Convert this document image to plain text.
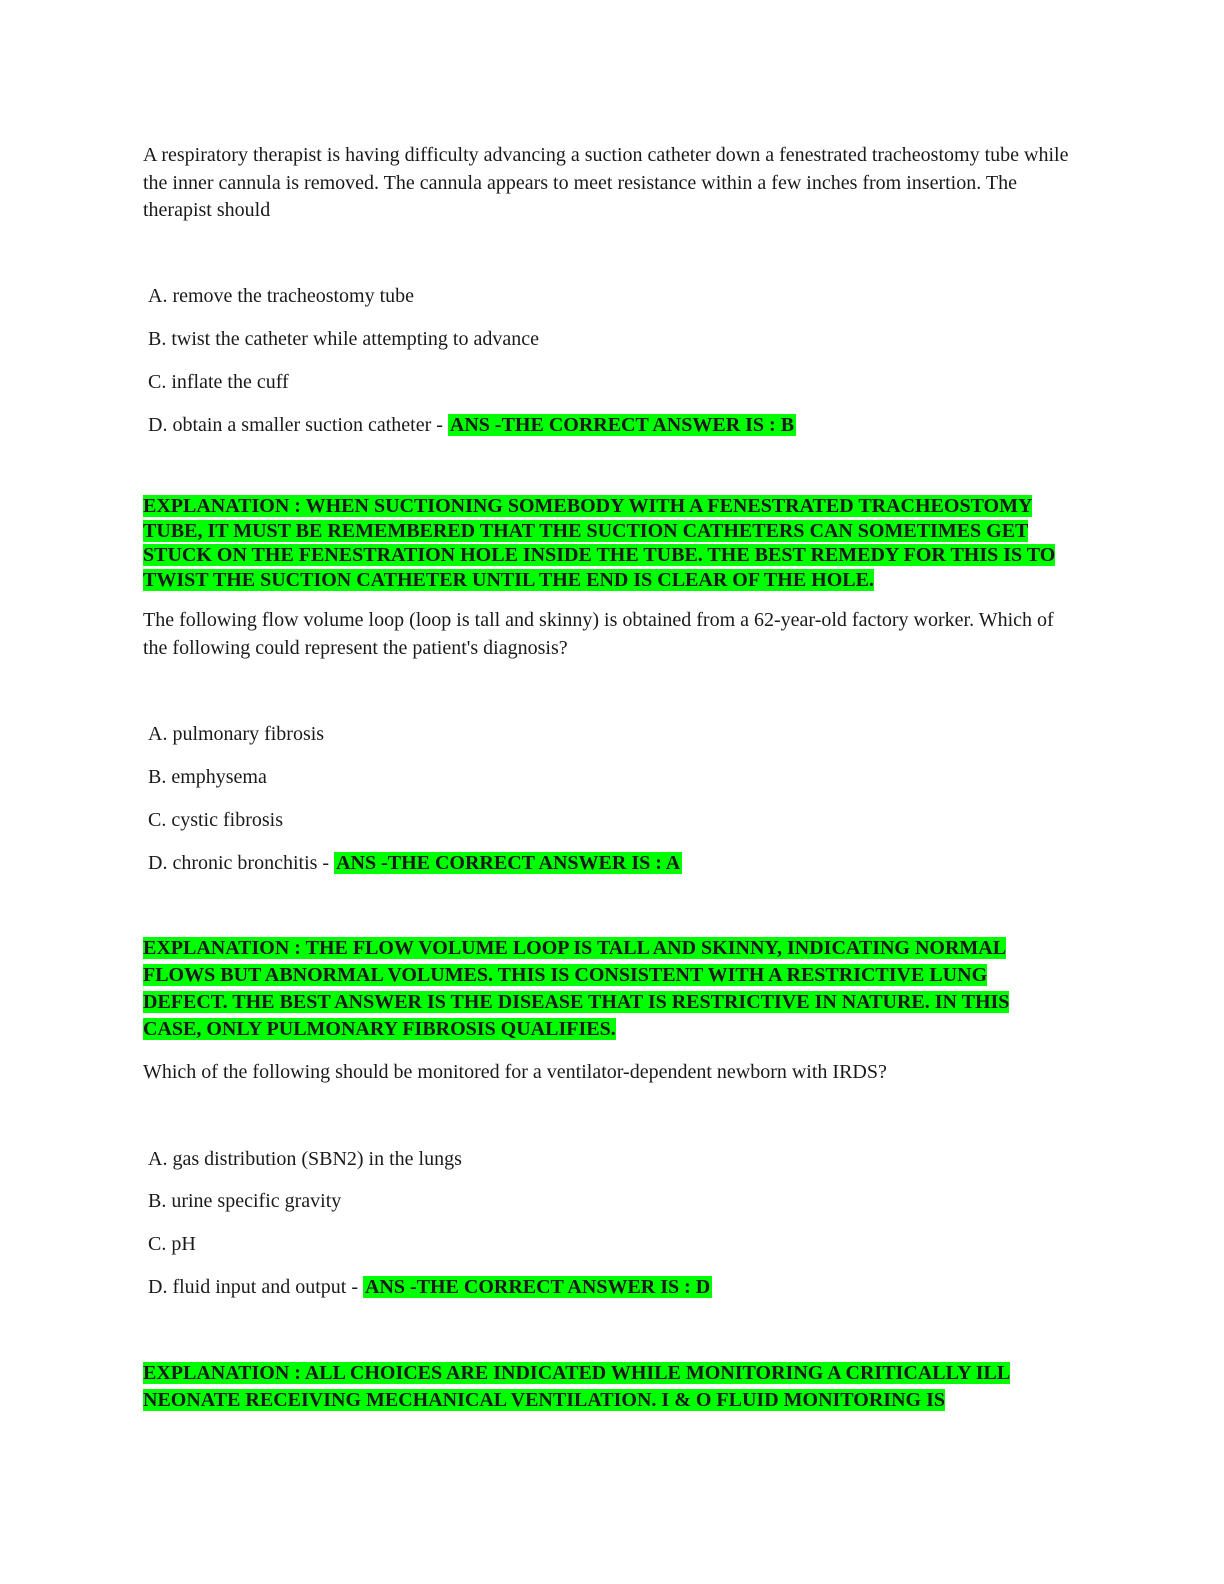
A respiratory therapist is having difficulty advancing a suction catheter down a fenestrated tracheostomy tube while the inner cannula is removed. The cannula appears to meet resistance within a few inches from insertion. The therapist should

A. remove the tracheostomy tube
B. twist the catheter while attempting to advance
C. inflate the cuff
D. obtain a smaller suction catheter - ANS -THE CORRECT ANSWER IS : B

EXPLANATION : WHEN SUCTIONING SOMEBODY WITH A FENESTRATED TRACHEOSTOMY TUBE, IT MUST BE REMEMBERED THAT THE SUCTION CATHETERS CAN SOMETIMES GET STUCK ON THE FENESTRATION HOLE INSIDE THE TUBE. THE BEST REMEDY FOR THIS IS TO TWIST THE SUCTION CATHETER UNTIL THE END IS CLEAR OF THE HOLE.

The following flow volume loop (loop is tall and skinny) is obtained from a 62-year-old factory worker. Which of the following could represent the patient's diagnosis?

A. pulmonary fibrosis
B. emphysema
C. cystic fibrosis
D. chronic bronchitis - ANS -THE CORRECT ANSWER IS : A

EXPLANATION : THE FLOW VOLUME LOOP IS TALL AND SKINNY, INDICATING NORMAL FLOWS BUT ABNORMAL VOLUMES. THIS IS CONSISTENT WITH A RESTRICTIVE LUNG DEFECT. THE BEST ANSWER IS THE DISEASE THAT IS RESTRICTIVE IN NATURE. IN THIS CASE, ONLY PULMONARY FIBROSIS QUALIFIES.

Which of the following should be monitored for a ventilator-dependent newborn with IRDS?

A. gas distribution (SBN2) in the lungs
B. urine specific gravity
C. pH
D. fluid input and output - ANS -THE CORRECT ANSWER IS : D

EXPLANATION : ALL CHOICES ARE INDICATED WHILE MONITORING A CRITICALLY ILL NEONATE RECEIVING MECHANICAL VENTILATION. I & O FLUID MONITORING IS
